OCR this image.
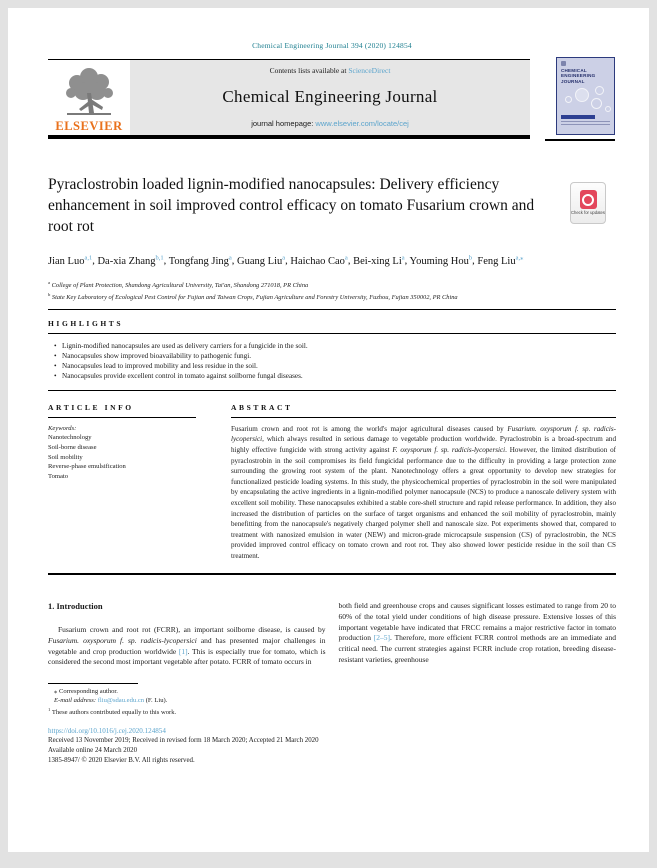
Chemical Engineering Journal 394 (2020) 124854
ELSEVIER
Contents lists available at ScienceDirect
Chemical Engineering Journal
journal homepage: www.elsevier.com/locate/cej
CHEMICAL
ENGINEERING
JOURNAL
Pyraclostrobin loaded lignin-modified nanocapsules: Delivery efficiency enhancement in soil improved control efficacy on tomato Fusarium crown and root rot
Check for updates
Jian Luo$^{a,1}$, Da-xia Zhang$^{b,1}$, Tongfang Jing$^a$, Guang Liu$^a$, Haichao Cao$^a$, Bei-xing Li$^a$, Youming Hou$^b$, Feng Liu$^{a,⁎}$
$^a$ College of Plant Protection, Shandong Agricultural University, Tai'an, Shandong 271018, PR China
$^b$ State Key Laboratory of Ecological Pest Control for Fujian and Taiwan Crops, Fujian Agriculture and Forestry University, Fuzhou, Fujian 350002, PR China
HIGHLIGHTS
• Lignin-modified nanocapsules are used as delivery carriers for a fungicide in the soil.
• Nanocapsules show improved bioavailability to pathogenic fungi.
• Nanocapsules lead to improved mobility and less residue in the soil.
• Nanocapsules provide excellent control in tomato against soilborne fungal diseases.
ARTICLE INFO
Keywords:
Nanotechnology
Soil-borne disease
Soil mobility
Reverse-phase emulsification
Tomato
ABSTRACT
Fusarium crown and root rot is among the world's major agricultural diseases caused by Fusarium. oxysporum f. sp. radicis-lycopersici, which always resulted in serious damage to vegetable production worldwide. Pyraclostrobin is a broad-spectrum and highly effective fungicide with strong activity against F. oxysporum f. sp. radicis-lycopersici. However, the limited distribution of pyraclostrobin in the soil compromises its field fungicidal performance due to the difficulty in providing a large protection zone surrounding the growing root system of the plant. Nanotechnology offers a great opportunity to develop new strategies for functionalized pesticide loading systems. In this study, the physicochemical properties of pyraclostrobin in the soil were manipulated by encapsulating the active ingredients in a lignin-modified polymer nanocapsule (NCS) to produce a nanoscale delivery system with excellent soil mobility. These nanocapsules exhibited a stable core-shell structure and rapid release performance. In addition, they also increased the distribution of particles on the surface of target organisms and enhanced the soil mobility of pyraclostrobin, mainly benefitting from the nanocapsule's negatively charged polymer shell and nanoscale size. Pot experiments showed that, compared to treatment with nanosized emulsion in water (NEW) and micron-grade microcapsule suspension (CS) of pyraclostrobin, the NCS provided improved control efficacy on tomato crown and root rot. They also showed lower pesticide residue in the soil than CS treatment.
1. Introduction

Fusarium crown and root rot (FCRR), an important soilborne disease, is caused by Fusarium. oxysporum f. sp. radicis-lycopersici and has presented major challenges in vegetable and crop production worldwide [1]. This is especially true for tomato, which is considered the second most important vegetable after potato. FCRR of tomato occurs in

both field and greenhouse crops and causes significant losses estimated to range from 20 to 60% of the total yield under conditions of high disease pressure. Extensive losses of this important vegetable have indicated that FRCC remains a major restrictive factor in tomato production [2–5]. Therefore, more efficient FCRR control methods are an immediate and critical need. The current strategies against FCRR include crop rotation, breeding disease-resistant varieties, greenhouse

⁎ Corresponding author.
E-mail address: fliu@sdau.edu.cn (F. Liu).
$^1$ These authors contributed equally to this work.
https://doi.org/10.1016/j.cej.2020.124854
Received 13 November 2019; Received in revised form 18 March 2020; Accepted 21 March 2020
Available online 24 March 2020
1385-8947/ © 2020 Elsevier B.V. All rights reserved.
